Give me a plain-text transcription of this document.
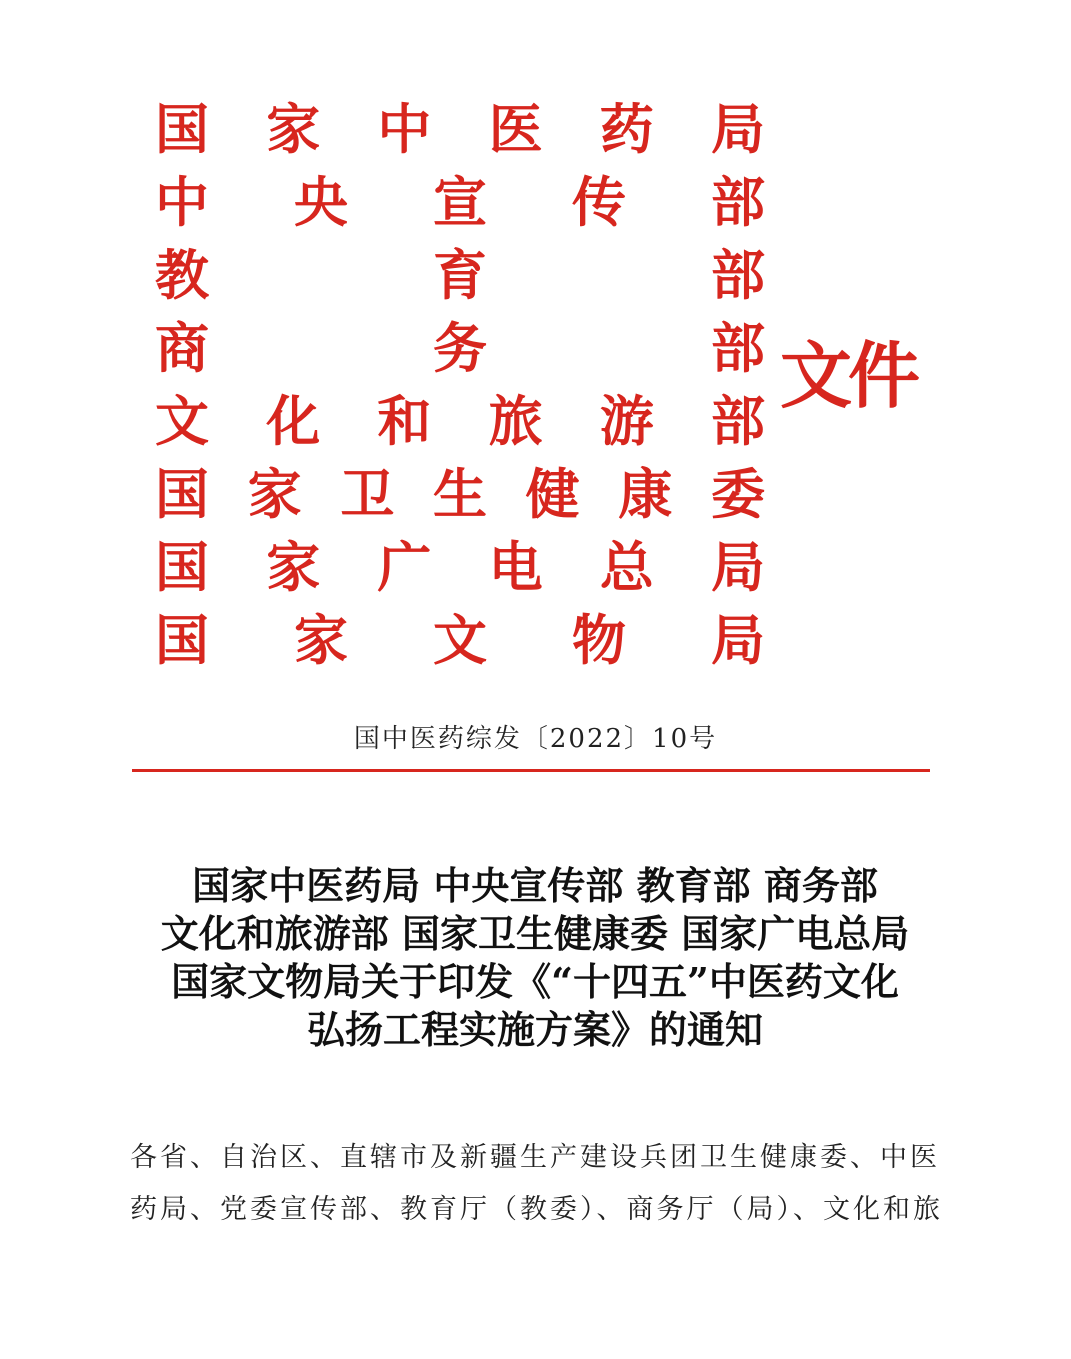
国 家 中 医 药 局
中 央 宣 传 部
教	育	部
商	务	部
文 化 和 旅 游 部
国 家 卫 生 健 康 委
国 家 广 电 总 局
国 家 文 物 局
文件
国中医药综发〔2022〕10号
国家中医药局 中央宣传部 教育部 商务部
文化和旅游部 国家卫生健康委 国家广电总局
国家文物局关于印发《“十四五”中医药文化
弘扬工程实施方案》的通知
各省、自治区、直辖市及新疆生产建设兵团卫生健康委、中医
药局、党委宣传部、教育厅（教委）、商务厅（局）、文化和旅
